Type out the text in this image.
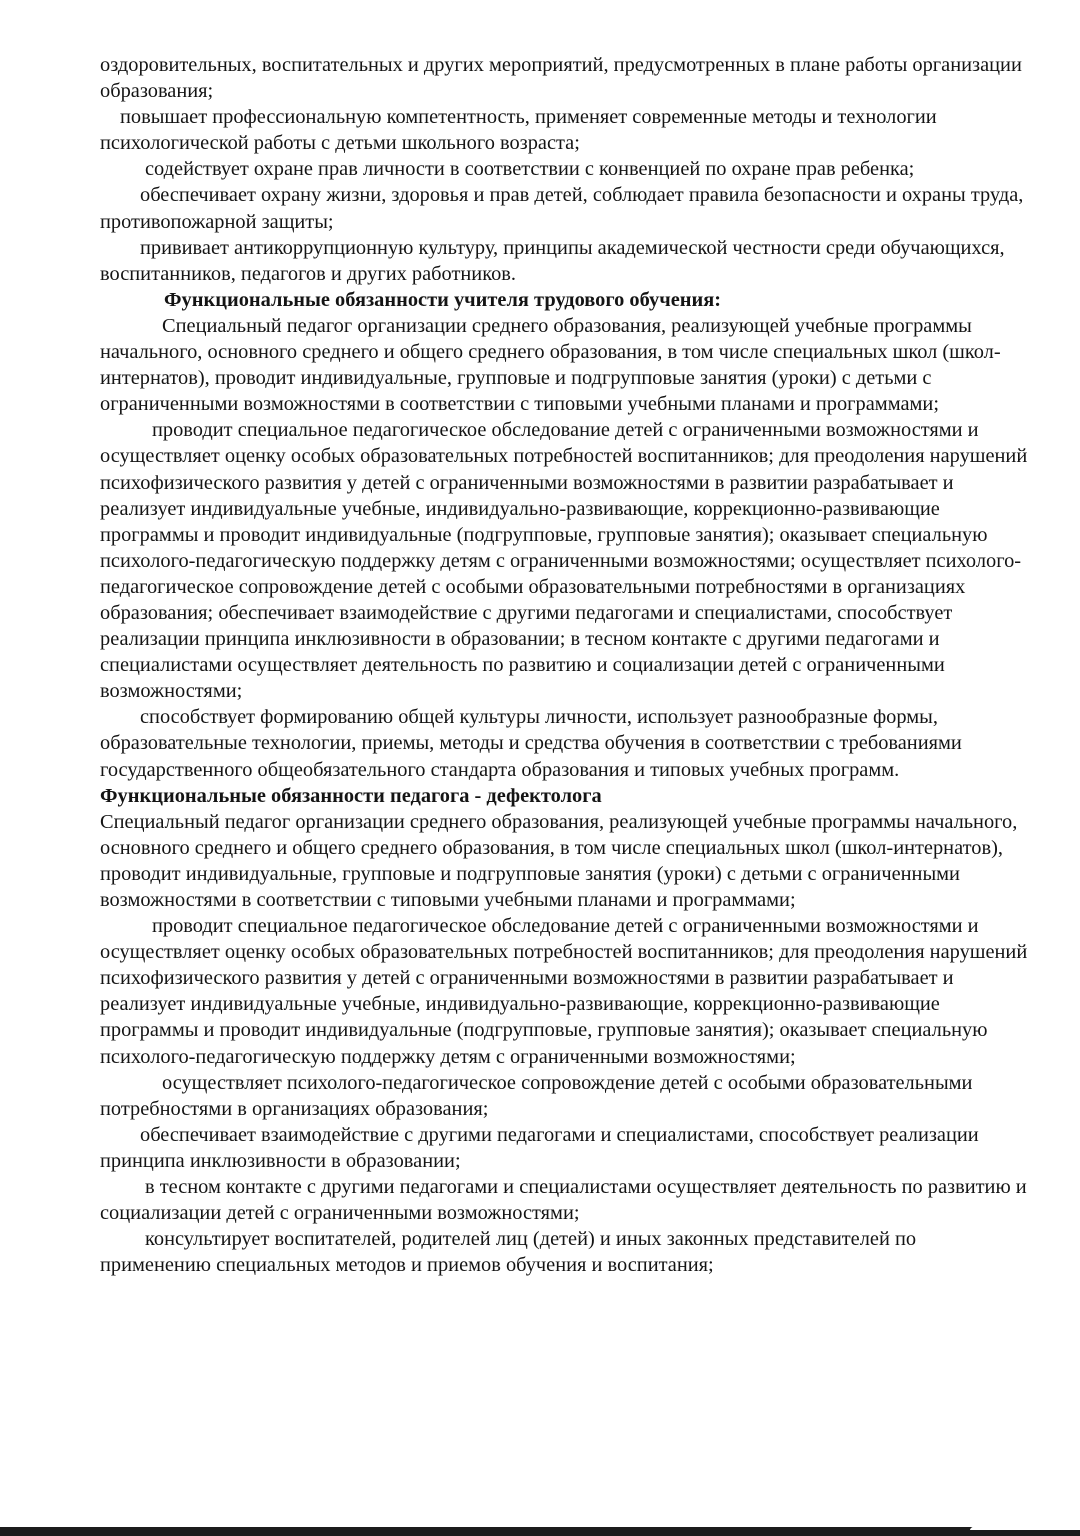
оздоровительных, воспитательных и других мероприятий, предусмотренных в плане работы организации образования;

повышает профессиональную компетентность, применяет современные методы и технологии психологической работы с детьми школьного возраста;

содействует охране прав личности в соответствии с конвенцией по охране прав ребенка;

обеспечивает охрану жизни, здоровья и прав детей, соблюдает правила безопасности и охраны труда, противопожарной защиты;

прививает антикоррупционную культуру, принципы академической честности среди обучающихся, воспитанников, педагогов и других работников.

Функциональные обязанности учителя трудового обучения:

Специальный педагог организации среднего образования, реализующей учебные программы начального, основного среднего и общего среднего образования, в том числе специальных школ (школ-интернатов), проводит индивидуальные, групповые и подгрупповые занятия (уроки) с детьми с ограниченными возможностями в соответствии с типовыми учебными планами и программами;

проводит специальное педагогическое обследование детей с ограниченными возможностями и осуществляет оценку особых образовательных потребностей воспитанников; для преодоления нарушений психофизического развития у детей с ограниченными возможностями в развитии разрабатывает и реализует индивидуальные учебные, индивидуально-развивающие, коррекционно-развивающие программы и проводит индивидуальные (подгрупповые, групповые занятия); оказывает специальную психолого-педагогическую поддержку детям с ограниченными возможностями; осуществляет психолого-педагогическое сопровождение детей с особыми образовательными потребностями в организациях образования; обеспечивает взаимодействие с другими педагогами и специалистами, способствует реализации принципа инклюзивности в образовании; в тесном контакте с другими педагогами и специалистами осуществляет деятельность по развитию и социализации детей с ограниченными возможностями;

способствует формированию общей культуры личности, использует разнообразные формы, образовательные технологии, приемы, методы и средства обучения в соответствии с требованиями государственного общеобязательного стандарта образования и типовых учебных программ.

Функциональные обязанности педагога - дефектолога

Специальный педагог организации среднего образования, реализующей учебные программы начального, основного среднего и общего среднего образования, в том числе специальных школ (школ-интернатов), проводит индивидуальные, групповые и подгрупповые занятия (уроки) с детьми с ограниченными возможностями в соответствии с типовыми учебными планами и программами;

проводит специальное педагогическое обследование детей с ограниченными возможностями и осуществляет оценку особых образовательных потребностей воспитанников; для преодоления нарушений психофизического развития у детей с ограниченными возможностями в развитии разрабатывает и реализует индивидуальные учебные, индивидуально-развивающие, коррекционно-развивающие программы и проводит индивидуальные (подгрупповые, групповые занятия); оказывает специальную психолого-педагогическую поддержку детям с ограниченными возможностями;

осуществляет психолого-педагогическое сопровождение детей с особыми образовательными потребностями в организациях образования;

обеспечивает взаимодействие с другими педагогами и специалистами, способствует реализации принципа инклюзивности в образовании;

в тесном контакте с другими педагогами и специалистами осуществляет деятельность по развитию и социализации детей с ограниченными возможностями;

консультирует воспитателей, родителей лиц (детей) и иных законных представителей по применению специальных методов и приемов обучения и воспитания;
